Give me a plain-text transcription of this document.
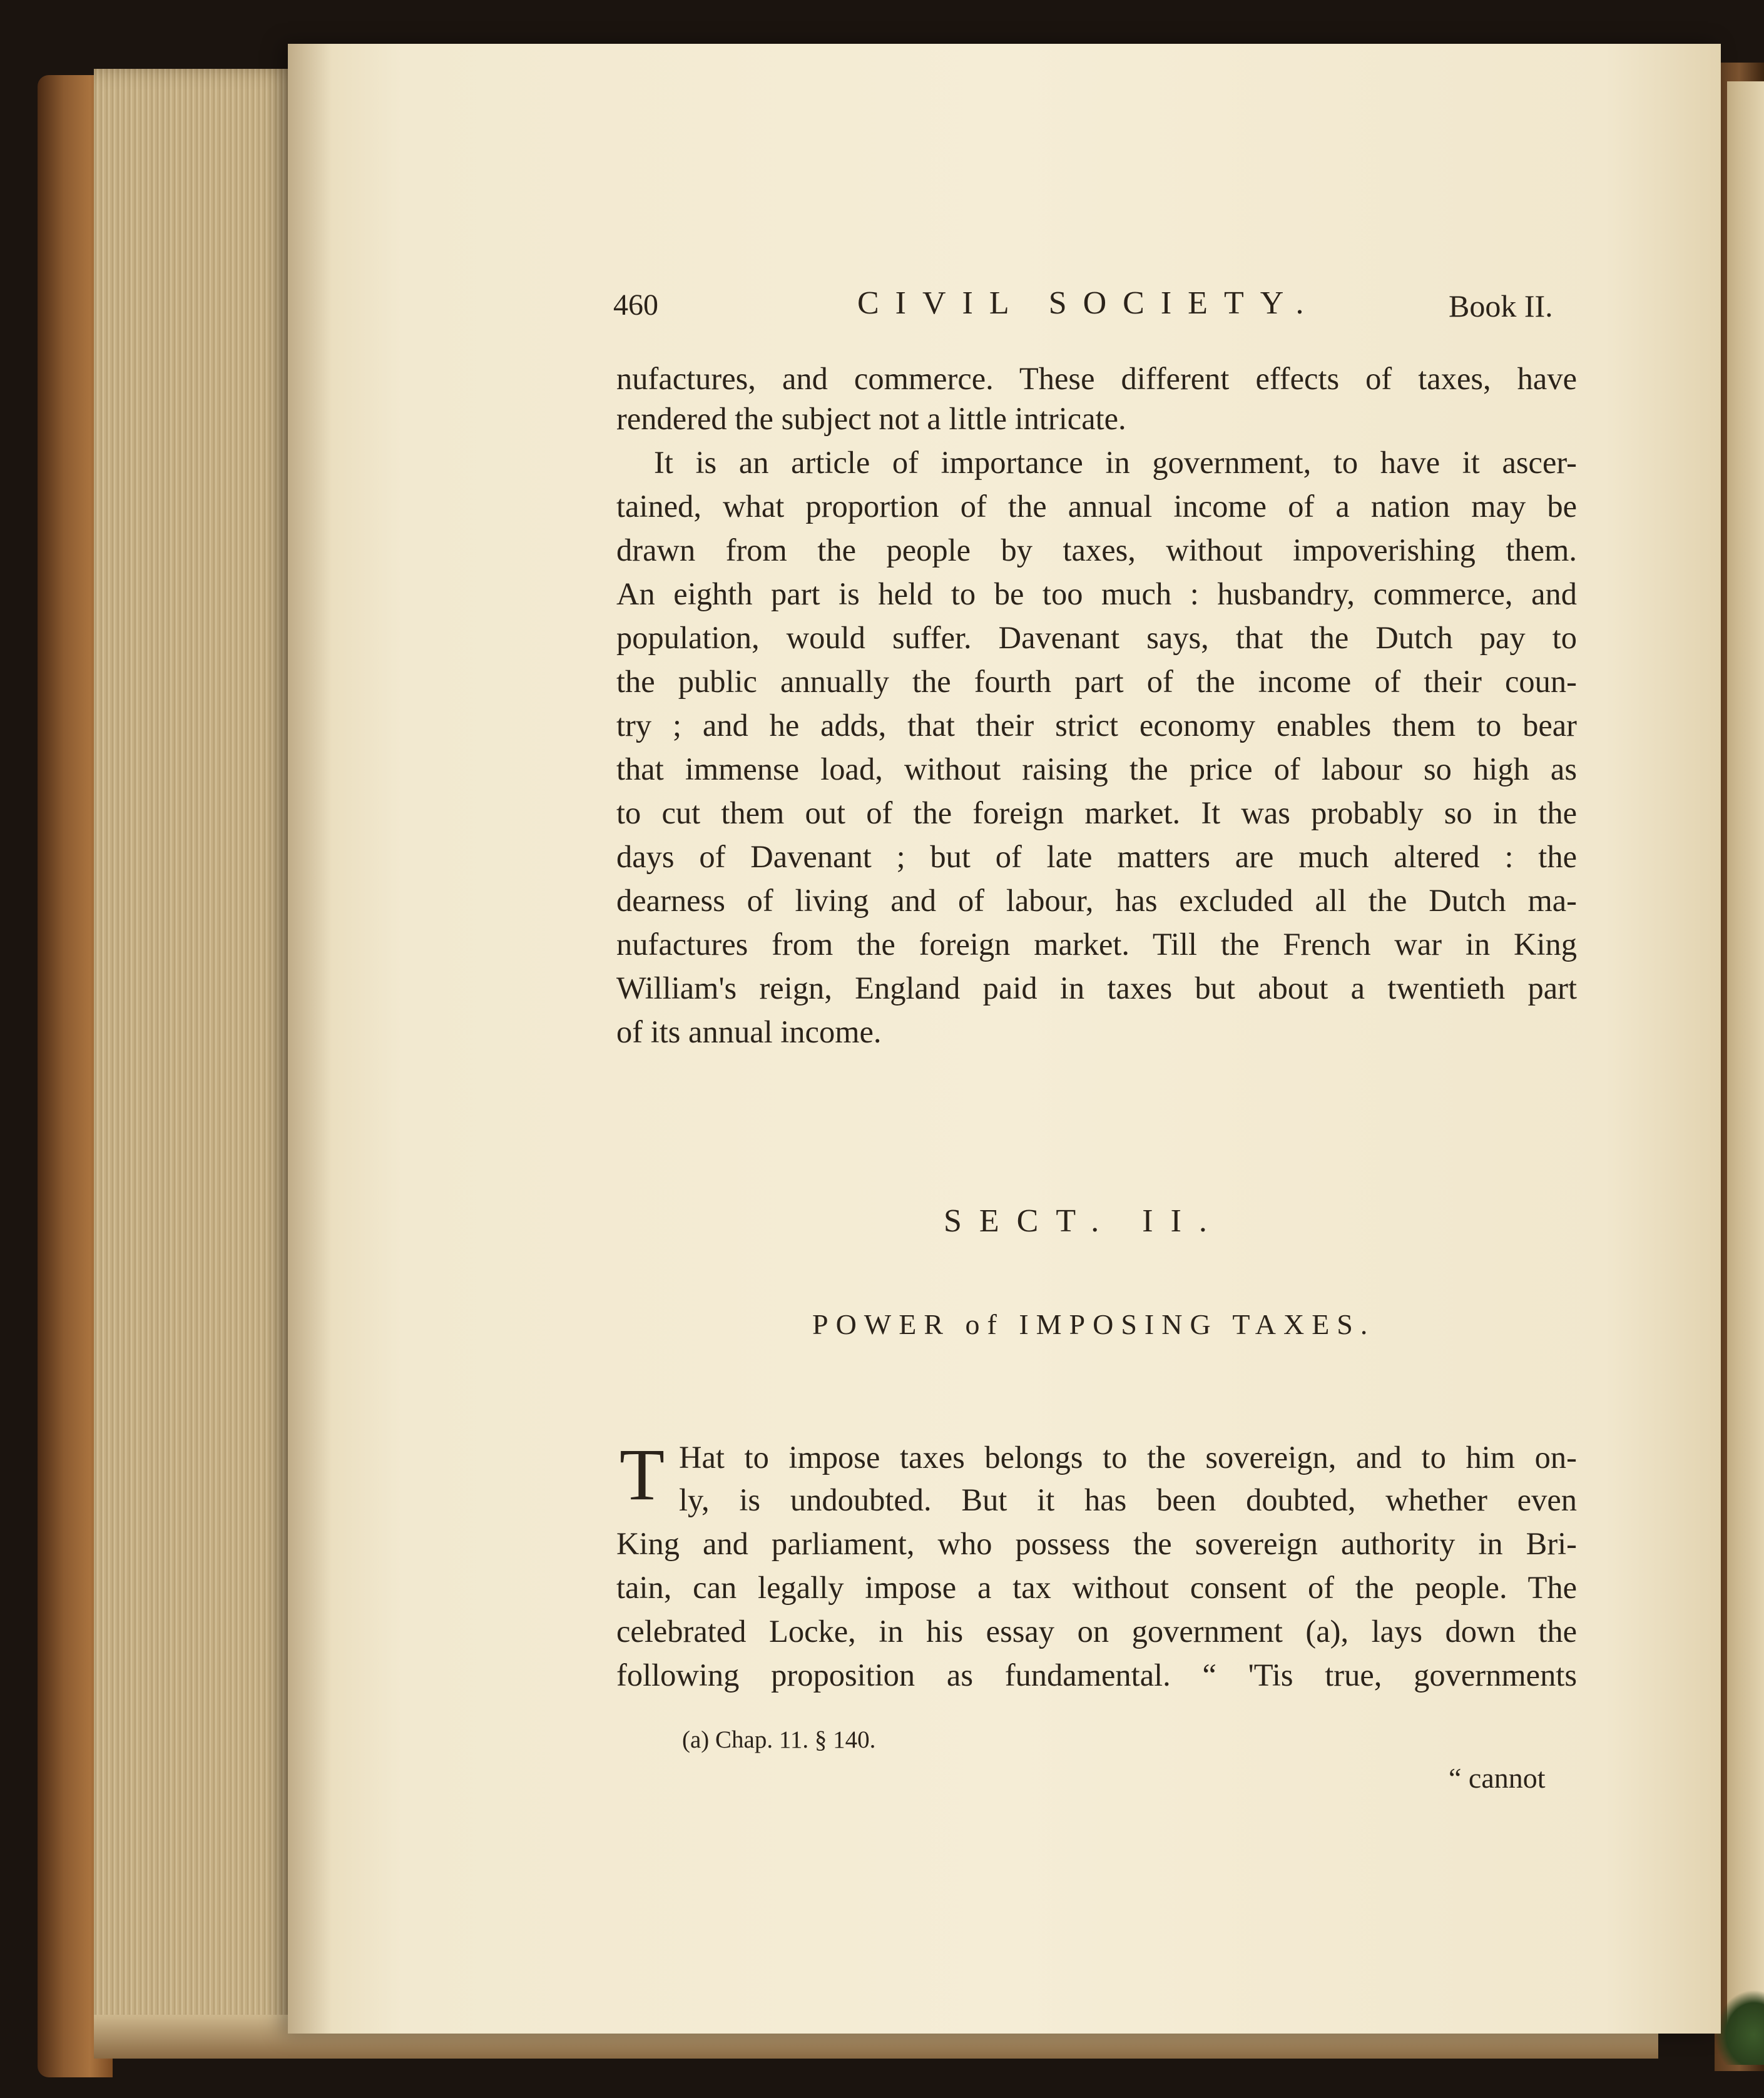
460	CIVIL SOCIETY.	Book II.
nufactures, and commerce. These different effects of taxes, have
rendered the subject not a little intricate.
It is an article of importance in government, to have it ascer-
tained, what proportion of the annual income of a nation may be
drawn from the people by taxes, without impoverishing them.
An eighth part is held to be too much : husbandry, commerce, and
population, would suffer. Davenant says, that the Dutch pay to
the public annually the fourth part of the income of their coun-
try ; and he adds, that their strict economy enables them to bear
that immense load, without raising the price of labour so high as
to cut them out of the foreign market. It was probably so in the
days of Davenant ; but of late matters are much altered : the
dearness of living and of labour, has excluded all the Dutch ma-
nufactures from the foreign market. Till the French war in King
William's reign, England paid in taxes but about a twentieth part
of its annual income.
SECT. II.
POWER of IMPOSING TAXES.
T Hat to impose taxes belongs to the sovereign, and to him on-
ly, is undoubted. But it has been doubted, whether even
King and parliament, who possess the sovereign authority in Bri-
tain, can legally impose a tax without consent of the people. The
celebrated Locke, in his essay on government (a), lays down the
following proposition as fundamental. “ 'Tis true, governments
(a) Chap. 11. § 140.
“ cannot
